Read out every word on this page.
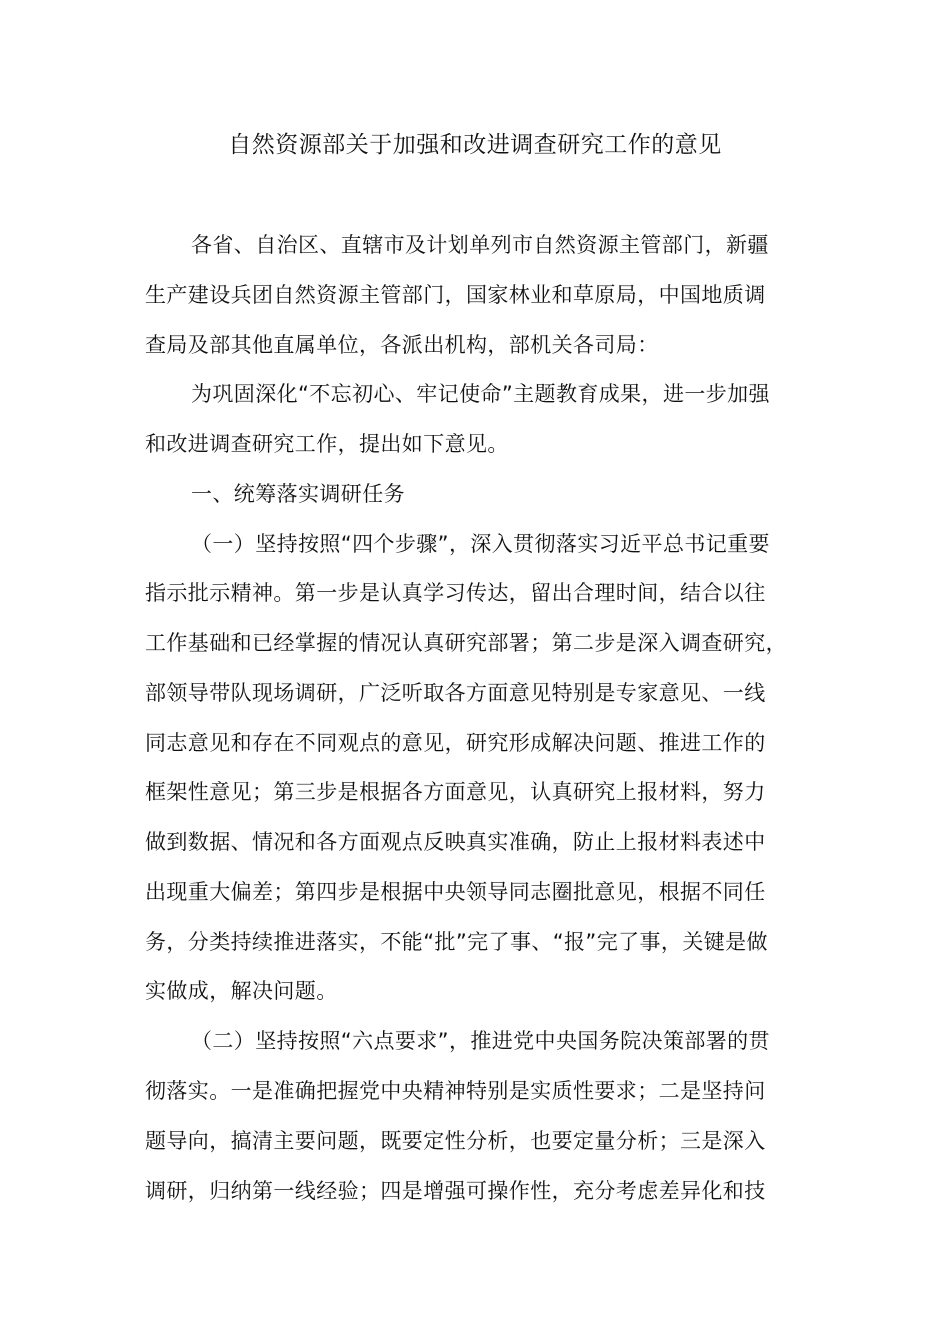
自然资源部关于加强和改进调查研究工作的意见
各省、自治区、直辖市及计划单列市自然资源主管部门，新疆
生产建设兵团自然资源主管部门，国家林业和草原局，中国地质调
查局及部其他直属单位，各派出机构，部机关各司局：
为巩固深化“不忘初心、牢记使命”主题教育成果，进一步加强
和改进调查研究工作，提出如下意见。
一、统筹落实调研任务
（一）坚持按照“四个步骤”，深入贯彻落实习近平总书记重要
指示批示精神。第一步是认真学习传达，留出合理时间，结合以往
工作基础和已经掌握的情况认真研究部署；第二步是深入调查研究，
部领导带队现场调研，广泛听取各方面意见特别是专家意见、一线
同志意见和存在不同观点的意见，研究形成解决问题、推进工作的
框架性意见；第三步是根据各方面意见，认真研究上报材料，努力
做到数据、情况和各方面观点反映真实准确，防止上报材料表述中
出现重大偏差；第四步是根据中央领导同志圈批意见，根据不同任
务，分类持续推进落实，不能“批”完了事、“报”完了事，关键是做
实做成，解决问题。
（二）坚持按照“六点要求”，推进党中央国务院决策部署的贯
彻落实。一是准确把握党中央精神特别是实质性要求；二是坚持问
题导向，搞清主要问题，既要定性分析，也要定量分析；三是深入
调研，归纳第一线经验；四是增强可操作性，充分考虑差异化和技
